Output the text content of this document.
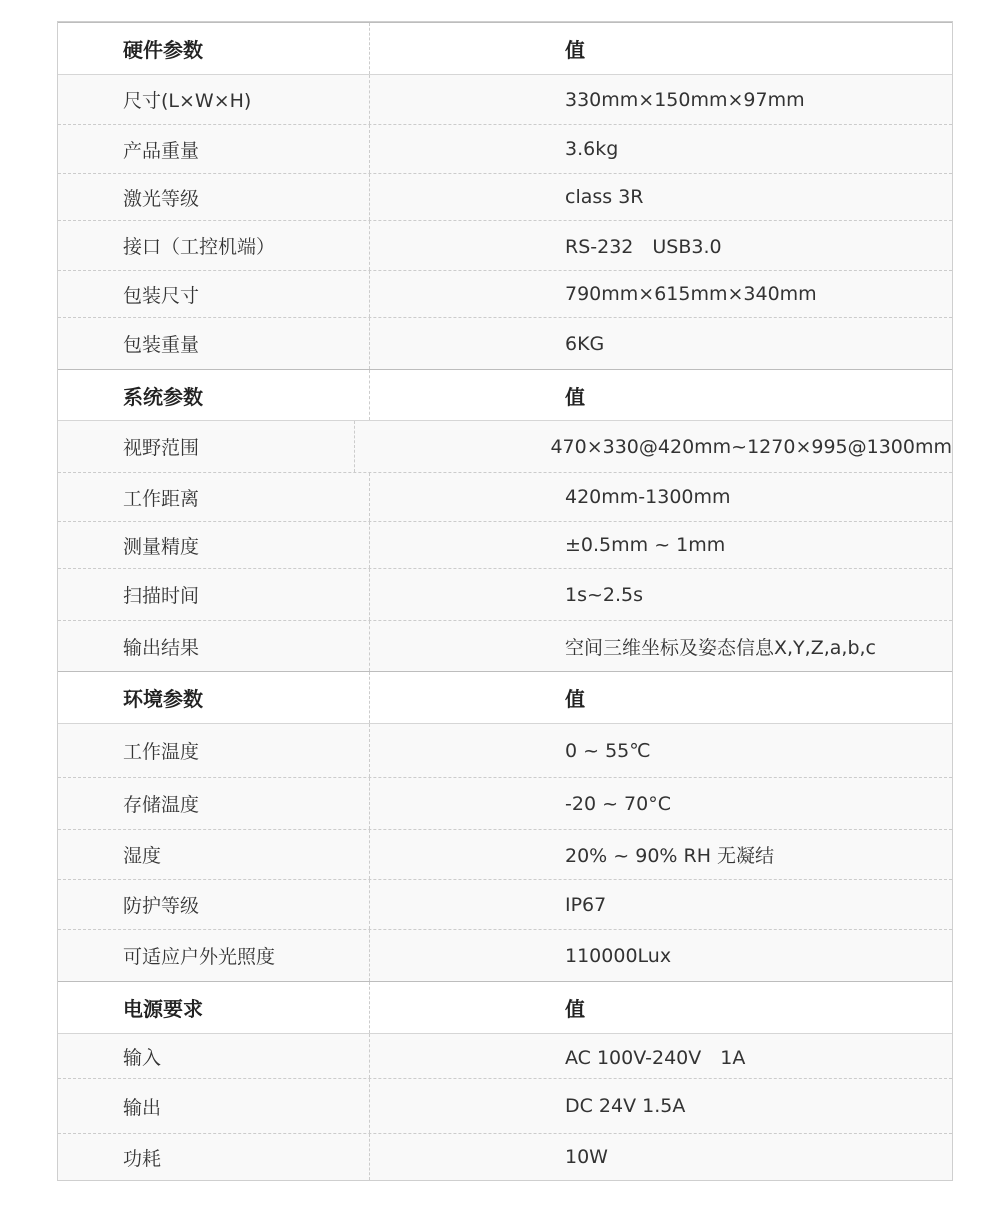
硬件参数	值
尺寸(L×W×H)	330mm×150mm×97mm
产品重量	3.6kg
激光等级	class 3R
接口（工控机端）	RS-232　USB3.0
包装尺寸	790mm×615mm×340mm
包装重量	6KG
系统参数	值
视野范围	470×330@420mm~1270×995@1300mm
工作距离	420mm-1300mm
测量精度	±0.5mm ~ 1mm
扫描时间	1s~2.5s
输出结果	空间三维坐标及姿态信息X,Y,Z,a,b,c
环境参数	值
工作温度	0 ~ 55℃
存储温度	-20 ~ 70°C
湿度	20% ~ 90% RH 无凝结
防护等级	IP67
可适应户外光照度	110000Lux
电源要求	值
输入	AC 100V-240V　1A
输出	DC 24V 1.5A
功耗	10W
